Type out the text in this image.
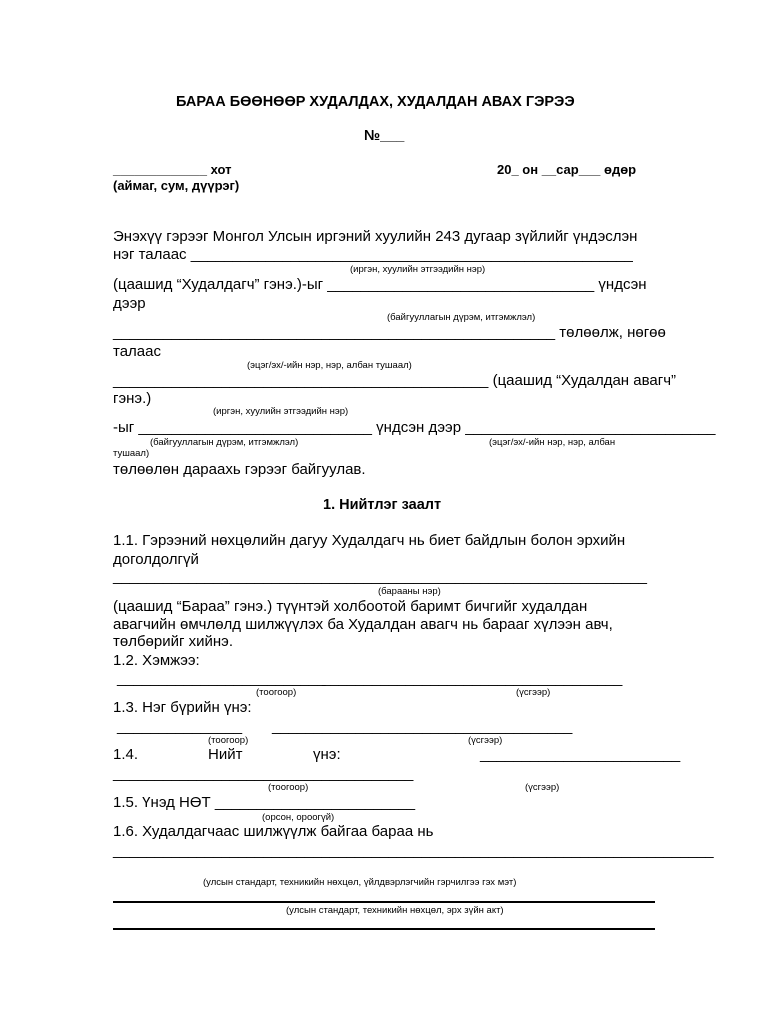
БАРАА БӨӨНӨӨР ХУДАЛДАХ, ХУДАЛДАН АВАХ ГЭРЭЭ
№___
_____________ хот
(аймаг, сум, дүүрэг)
20_ он __сар___ өдөр
Энэхүү гэрээг Монгол Улсын иргэний хуулийн 243 дугаар зүйлийг үндэслэн
нэг талаас _____________________________________________________
(иргэн, хуулийн этгээдийн нэр)
(цаашид “Худалдагч” гэнэ.)-ыг ________________________________ үндсэн
дээр
(байгууллагын дүрэм, итгэмжлэл)
_____________________________________________________ төлөөлж, нөгөө
талаас
(эцэг/эх/-ийн нэр, нэр, албан тушаал)
_____________________________________________ (цаашид “Худалдан авагч”
гэнэ.)
(иргэн, хуулийн этгээдийн нэр)
-ыг ____________________________ үндсэн дээр ______________________________
(байгууллагын дүрэм, итгэмжлэл)	(эцэг/эх/-ийн нэр, нэр, албан
тушаал)
төлөөлөн дараахь гэрээг байгуулав.
1. Нийтлэг заалт
1.1. Гэрээний нөхцөлийн дагуу Худалдагч нь биет байдлын болон эрхийн
доголдолгүй
________________________________________________________________
(барааны нэр)
(цаашид “Бараа” гэнэ.) түүнтэй холбоотой баримт бичгийг худалдан
авагчийн өмчлөлд шилжүүлэх ба Худалдан авагч нь барааг хүлээн авч,
төлбөрийг хийнэ.
1.2. Хэмжээ:
_________________________
____________________________________
(тоогоор)	(үсгээр)
1.3. Нэг бүрийн үнэ:
_______________ ____________________________________
(тоогоор)	(үсгээр)
1.4.	Нийт	үнэ:	________________________
____________________________________
(тоогоор)	(үсгээр)
1.5. Үнэд НӨТ ________________________
(орсон, ороогүй)
1.6. Худалдагчаас шилжүүлж байгаа бараа нь
________________________________________________________________________
(улсын стандарт, техникийн нөхцөл, үйлдвэрлэгчийн гэрчилгээ гэх мэт)
(улсын стандарт, техникийн нөхцөл, эрх зүйн акт)
